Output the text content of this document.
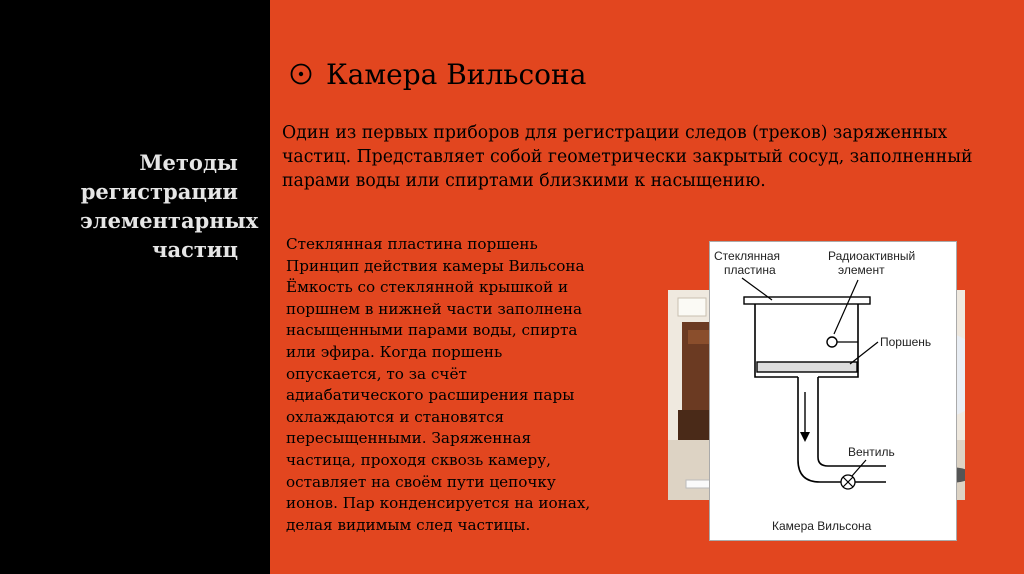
Методы
регистрации
элементарных
частиц
Камера Вильсона

Один из первых приборов для регистрации следов (треков) заряженных частиц. Представляет собой геометрически закрытый сосуд, заполненный парами воды или спиртами близкими к насыщению.

Стеклянная пластина поршень
Принцип действия камеры Вильсона
Ёмкость со стеклянной крышкой и
поршнем в нижней части заполнена
насыщенными парами воды, спирта
или эфира. Когда поршень
опускается, то за счёт
адиабатического расширения пары
охлаждаются и становятся
пересыщенными. Заряженная
частица, проходя сквозь камеру,
оставляет на своём пути цепочку
ионов. Пар конденсируется на ионах,
делая видимым след частицы.
Стеклянная
пластина
Радиоактивный
элемент
Поршень
Вентиль
Камера Вильсона
